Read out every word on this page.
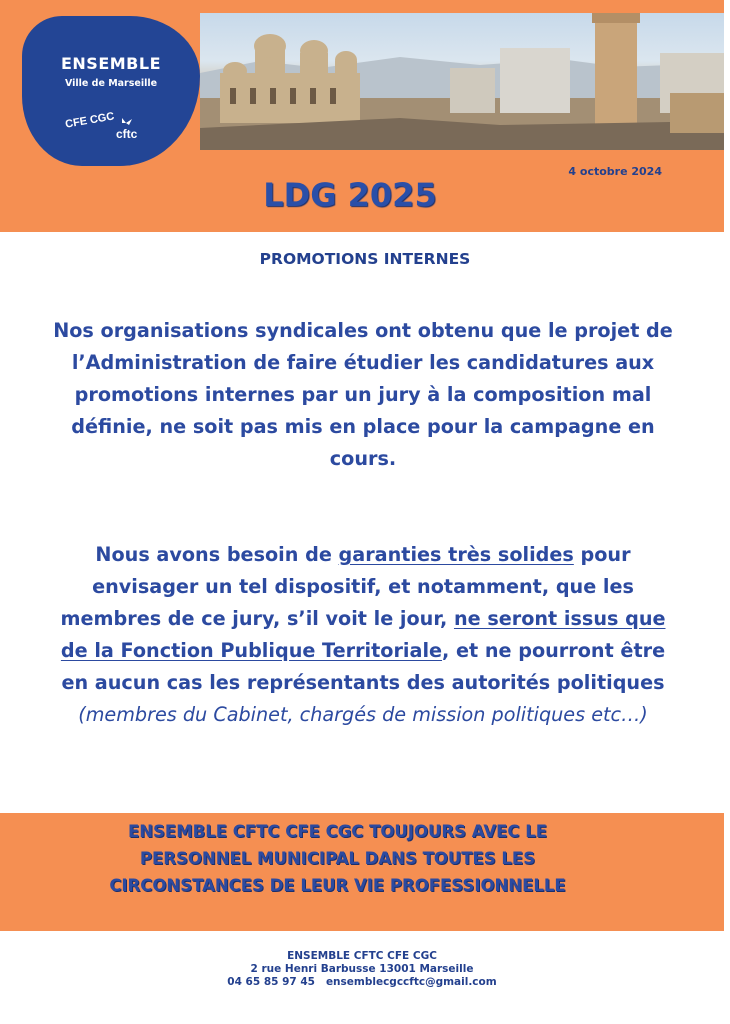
ENSEMBLE
Ville de Marseille
CFE CGC
cftc
4 octobre 2024
LDG 2025
PROMOTIONS INTERNES
Nos organisations syndicales ont obtenu que le projet de l’Administration de faire étudier les candidatures aux promotions internes par un jury à la composition mal définie, ne soit pas mis en place pour la campagne en cours.
Nous avons besoin de garanties très solides pour envisager un tel dispositif, et notamment, que les membres de ce jury, s’il voit le jour, ne seront issus que de la Fonction Publique Territoriale, et ne pourront être en aucun cas les représentants des autorités politiques (membres du Cabinet, chargés de mission politiques etc…)
ENSEMBLE CFTC CFE CGC TOUJOURS AVEC LE PERSONNEL MUNICIPAL DANS TOUTES LES CIRCONSTANCES DE LEUR VIE PROFESSIONNELLE
ENSEMBLE CFTC CFE CGC
2 rue Henri Barbusse 13001 Marseille
04 65 85 97 45 ensemblecgccftc@gmail.com
